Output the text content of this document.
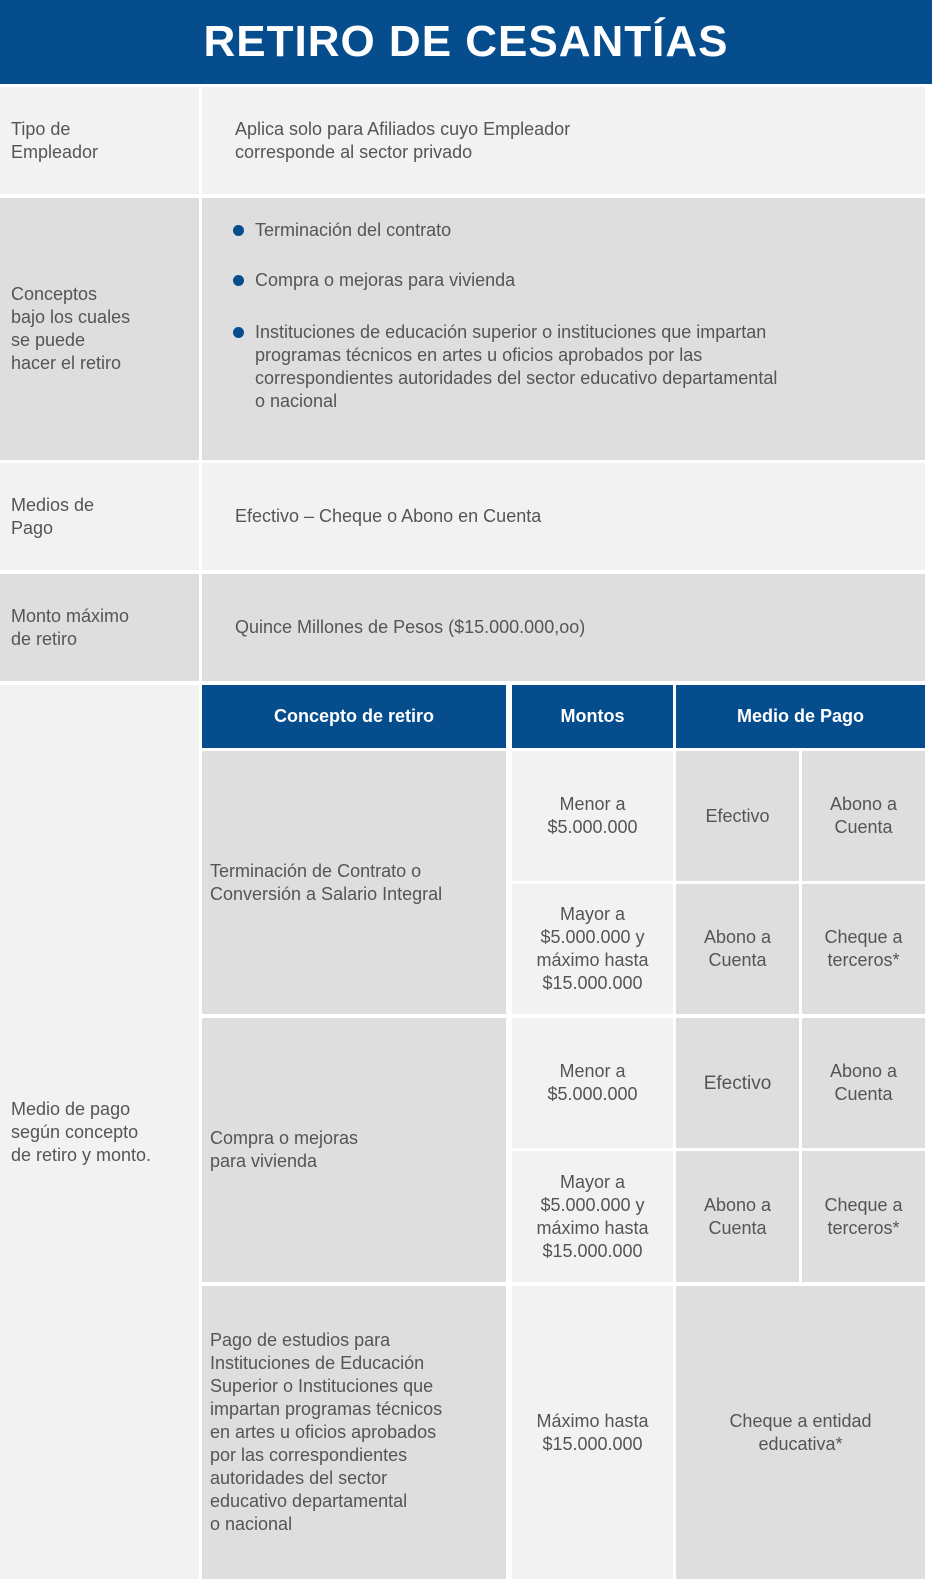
RETIRO DE CESANTÍAS
Tipo de
Empleador
Aplica solo para Afiliados cuyo Empleador
corresponde al sector privado
Conceptos
bajo los cuales
se puede
hacer el retiro
Terminación del contrato
Compra o mejoras para vivienda
Instituciones de educación superior o instituciones que impartan
programas técnicos en artes u oficios aprobados por las
correspondientes autoridades del sector educativo departamental
o nacional
Medios de
Pago
Efectivo – Cheque o Abono en Cuenta
Monto máximo
de retiro
Quince Millones de Pesos ($15.000.000,oo)
Medio de pago
según concepto
de retiro y monto.
Concepto de retiro	Montos	Medio de Pago
Terminación de Contrato o
Conversión a Salario Integral
Menor a
$5.000.000
Efectivo
Abono a
Cuenta
Mayor a
$5.000.000 y
máximo hasta
$15.000.000
Abono a
Cuenta
Cheque a
terceros*
Compra o mejoras
para vivienda
Menor a
$5.000.000
Efectivo
Abono a
Cuenta
Mayor a
$5.000.000 y
máximo hasta
$15.000.000
Abono a
Cuenta
Cheque a
terceros*
Pago de estudios para
Instituciones de Educación
Superior o Instituciones que
impartan programas técnicos
en artes u oficios aprobados
por las correspondientes
autoridades del sector
educativo departamental
o nacional
Máximo hasta
$15.000.000
Cheque a entidad
educativa*
